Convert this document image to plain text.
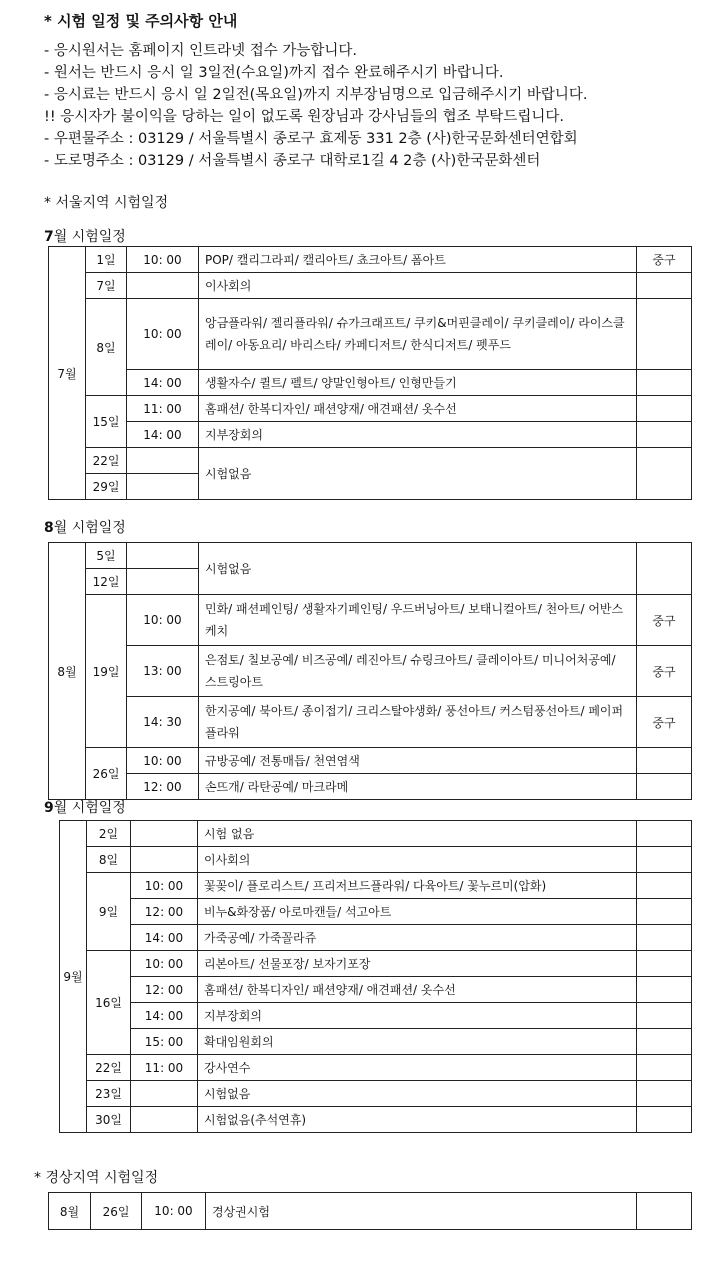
* 시험 일정 및 주의사항 안내
- 응시원서는 홈페이지 인트라넷 접수 가능합니다.
- 원서는 반드시 응시 일 3일전(수요일)까지 접수 완료해주시기 바랍니다.
- 응시료는 반드시 응시 일 2일전(목요일)까지 지부장님명으로 입금해주시기 바랍니다.
!! 응시자가 불이익을 당하는 일이 없도록 원장님과 강사님들의 협조 부탁드립니다.
- 우편물주소 : 03129 / 서울특별시 종로구 효제동 331 2층 (사)한국문화센터연합회
- 도로명주소 : 03129 / 서울특별시 종로구 대학로1길 4 2층 (사)한국문화센터
* 서울지역 시험일정
7월 시험일정
7월	1일	10: 00	POP/ 캘리그라피/ 캘리아트/ 쵸크아트/ 폼아트	중구
	7일		이사회의	
	8일	10: 00	앙금플라워/ 젤리플라워/ 슈가크래프트/ 쿠키&머핀클레이/ 쿠키클레이/ 라이스클레이/ 아동요리/ 바리스타/ 카페디저트/ 한식디저트/ 펫푸드	
		14: 00	생활자수/ 퀼트/ 펠트/ 양말인형아트/ 인형만들기	
	15일	11: 00	홈패션/ 한복디자인/ 패션양재/ 애견패션/ 옷수선	
		14: 00	지부장회의	
	22일		시험없음	
	29일			
8월 시험일정
8월	5일		시험없음	
	12일			
	19일	10: 00	민화/ 패션페인팅/ 생활자기페인팅/ 우드버닝아트/ 보태니컬아트/ 천아트/ 어반스케치	중구
		13: 00	은점토/ 칠보공예/ 비즈공예/ 레진아트/ 슈링크아트/ 클레이아트/ 미니어처공예/ 스트링아트	중구
		14: 30	한지공예/ 북아트/ 종이접기/ 크리스탈야생화/ 풍선아트/ 커스텀풍선아트/ 페이퍼플라워	중구
	26일	10: 00	규방공예/ 전통매듭/ 천연염색	
		12: 00	손뜨개/ 라탄공예/ 마크라메	
9월 시험일정
9월	2일		시험 없음	
	8일		이사회의	
	9일	10: 00	꽃꽂이/ 플로리스트/ 프리저브드플라워/ 다육아트/ 꽃누르미(압화)	
		12: 00	비누&화장품/ 아로마캔들/ 석고아트	
		14: 00	가죽공예/ 가죽꼴라쥬	
	16일	10: 00	리본아트/ 선물포장/ 보자기포장	
		12: 00	홈패션/ 한복디자인/ 패션양재/ 애견패션/ 옷수선	
		14: 00	지부장회의	
		15: 00	확대임원회의	
	22일	11: 00	강사연수	
	23일		시험없음	
	30일		시험없음(추석연휴)	
* 경상지역 시험일정
8월	26일	10: 00	경상권시험	
